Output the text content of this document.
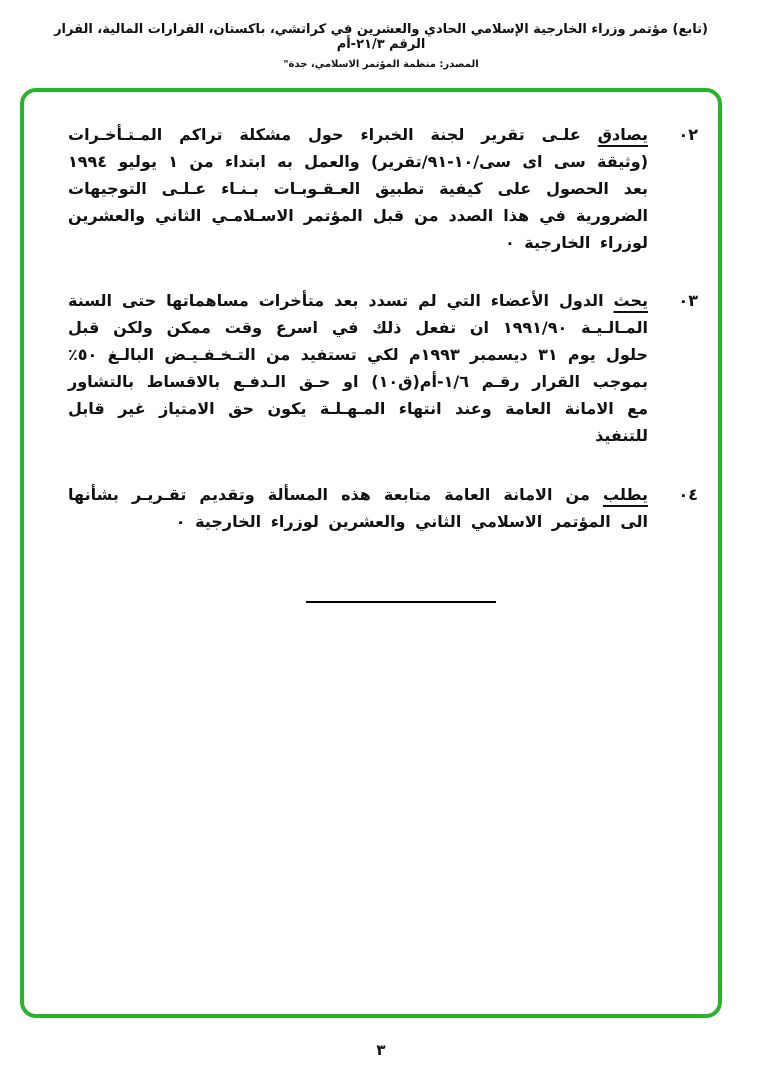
(تابع) مؤتمر وزراء الخارجية الإسلامي الحادي والعشرين في كراتشي، باكستان، القرارات المالية، القرار الرقم ٢١/٣-أم
المصدر: منظمة المؤتمر الاسلامي، جدة"
٠٢
يصادق علـى تقرير لجنة الخبراء حول مشكلة تراكم المـتـأخـرات (وثيقة سى اى سى/١٠-٩١/تقرير) والعمل به ابتداء من ١ يوليو ١٩٩٤ بعد الحصول على كيفية تطبيق العـقـوبـات بـنـاء عـلـى التوجيهات الضرورية في هذا الصدد من قبل المؤتمر الاسـلامـي الثاني والعشرين لوزراء الخارجية ٠
٠٣
يحث الدول الأعضاء التي لم تسدد بعد متأخرات مساهماتها حتى السنة المـالـيـة ١٩٩١/٩٠ ان تفعل ذلك في اسرع وقت ممكن ولكن قبل حلول يوم ٣١ ديسمبر ١٩٩٣م لكي تستفيد من التـخـفـيـض البالـغ ٥٠٪ بموجب القرار رقـم ١/٦-أم(ق١٠) او حـق الـدفـع بالاقساط بالتشاور مع الامانة العامة وعند انتهاء المـهـلـة يكون حق الامتياز غير قابل للتنفيذ
٠٤
يطلب من الامانة العامة متابعة هذه المسألة وتقديم تقـريـر بشأنها الى المؤتمر الاسلامي الثاني والعشرين لوزراء الخارجية ٠
٣
